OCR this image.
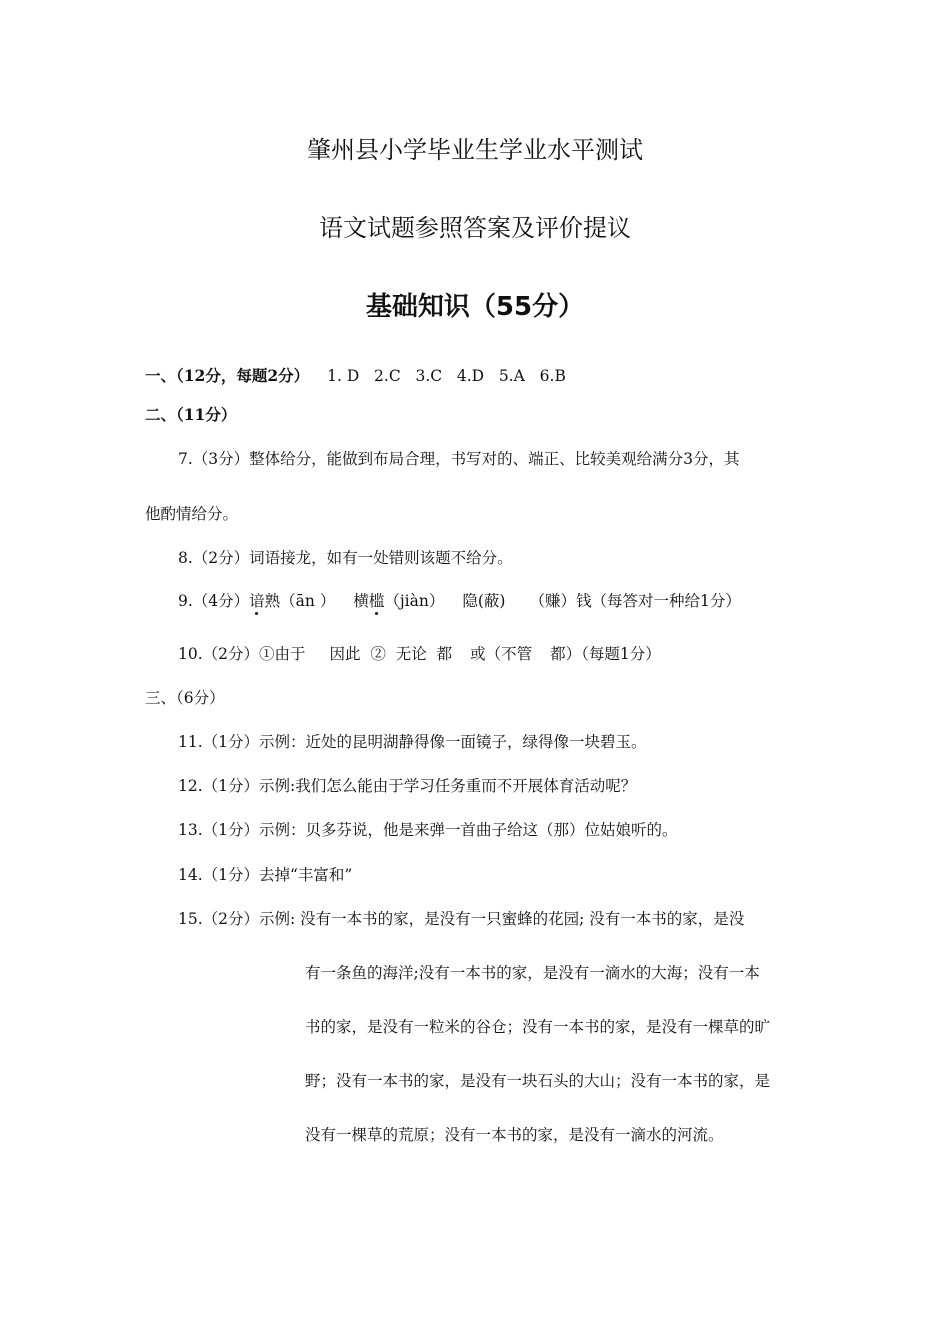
肇州县小学毕业生学业水平测试
语文试题参照答案及评价提议
基础知识（55分）
一、（12分，每题2分） 1. D   2.C   3.C   4.D   5.A   6.B
二、（11分）
7.（3分）整体给分，能做到布局合理，书写对的、端正、比较美观给满分3分，其
他酌情给分。
8.（2分）词语接龙，如有一处错则该题不给分。
9.（4分）谙熟（ān ） 横槛（jiàn） 隐(蔽) （赚）钱（每答对一种给1分）
10.（2分）①由于 因此  ②  无论  都 或（不管 都）（每题1分）
三、（6分）
11.（1分）示例：近处的昆明湖静得像一面镜子，绿得像一块碧玉。
12.（1分）示例:我们怎么能由于学习任务重而不开展体育活动呢？
13.（1分）示例：贝多芬说，他是来弹一首曲子给这（那）位姑娘听的。
14.（1分）去掉“丰富和”
15.（2分）示例: 没有一本书的家，是没有一只蜜蜂的花园; 没有一本书的家，是没
有一条鱼的海洋;没有一本书的家，是没有一滴水的大海；没有一本
书的家，是没有一粒米的谷仓；没有一本书的家，是没有一棵草的旷
野；没有一本书的家，是没有一块石头的大山；没有一本书的家，是
没有一棵草的荒原；没有一本书的家，是没有一滴水的河流。
